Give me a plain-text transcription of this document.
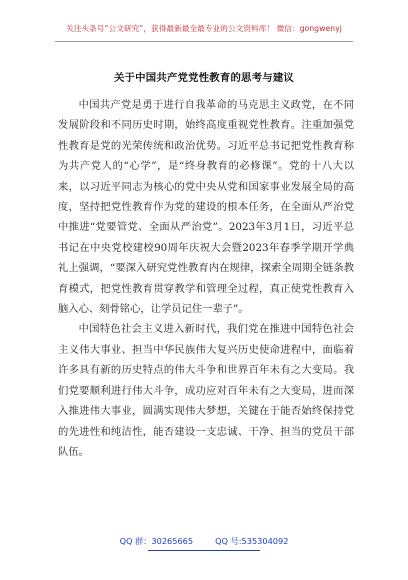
关注头条号“公文研究”，获得最新最全最专业的公文资料库！ 微信：gongwenyj
关于中国共产党党性教育的思考与建议

中国共产党是勇于进行自我革命的马克思主义政党，在不同发展阶段和不同历史时期，始终高度重视党性教育。注重加强党性教育是党的光荣传统和政治优势。习近平总书记把党性教育称为共产党人的“心学”，是“终身教育的必修课”。党的十八大以来，以习近平同志为核心的党中央从党和国家事业发展全局的高度，坚持把党性教育作为党的建设的根本任务，在全面从严治党中推进“党要管党、全面从严治党”。2023年3月1日，习近平总书记在中央党校建校90周年庆祝大会暨2023年春季学期开学典礼上强调，“要深入研究党性教育内在规律，探索全周期全链条教育模式，把党性教育贯穿教学和管理全过程，真正使党性教育入脑入心、刻骨铭心，让学员记住一辈子”。

中国特色社会主义进入新时代，我们党在推进中国特色社会主义伟大事业、担当中华民族伟大复兴历史使命进程中，面临着许多具有新的历史特点的伟大斗争和世界百年未有之大变局。我们党要顺利进行伟大斗争，成功应对百年未有之大变局，进而深入推进伟大事业，圆满实现伟大梦想，关键在于能否始终保持党的先进性和纯洁性，能否建设一支忠诚、干净、担当的党员干部队伍。

QQ 群：30265665	QQ 号:535304092
